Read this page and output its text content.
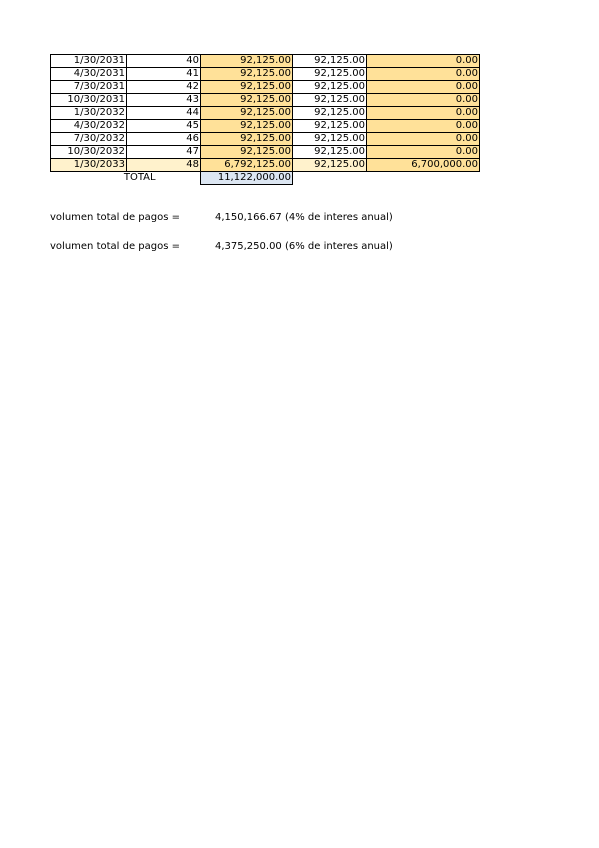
1/30/2031	40	92,125.00	92,125.00	0.00
4/30/2031	41	92,125.00	92,125.00	0.00
7/30/2031	42	92,125.00	92,125.00	0.00
10/30/2031	43	92,125.00	92,125.00	0.00
1/30/2032	44	92,125.00	92,125.00	0.00
4/30/2032	45	92,125.00	92,125.00	0.00
7/30/2032	46	92,125.00	92,125.00	0.00
10/30/2032	47	92,125.00	92,125.00	0.00
1/30/2033	48	6,792,125.00	92,125.00	6,700,000.00
TOTAL		11,122,000.00		
volumen total de pagos =	4,150,166.67 (4% de interes anual)
volumen total de pagos =	4,375,250.00 (6% de interes anual)
